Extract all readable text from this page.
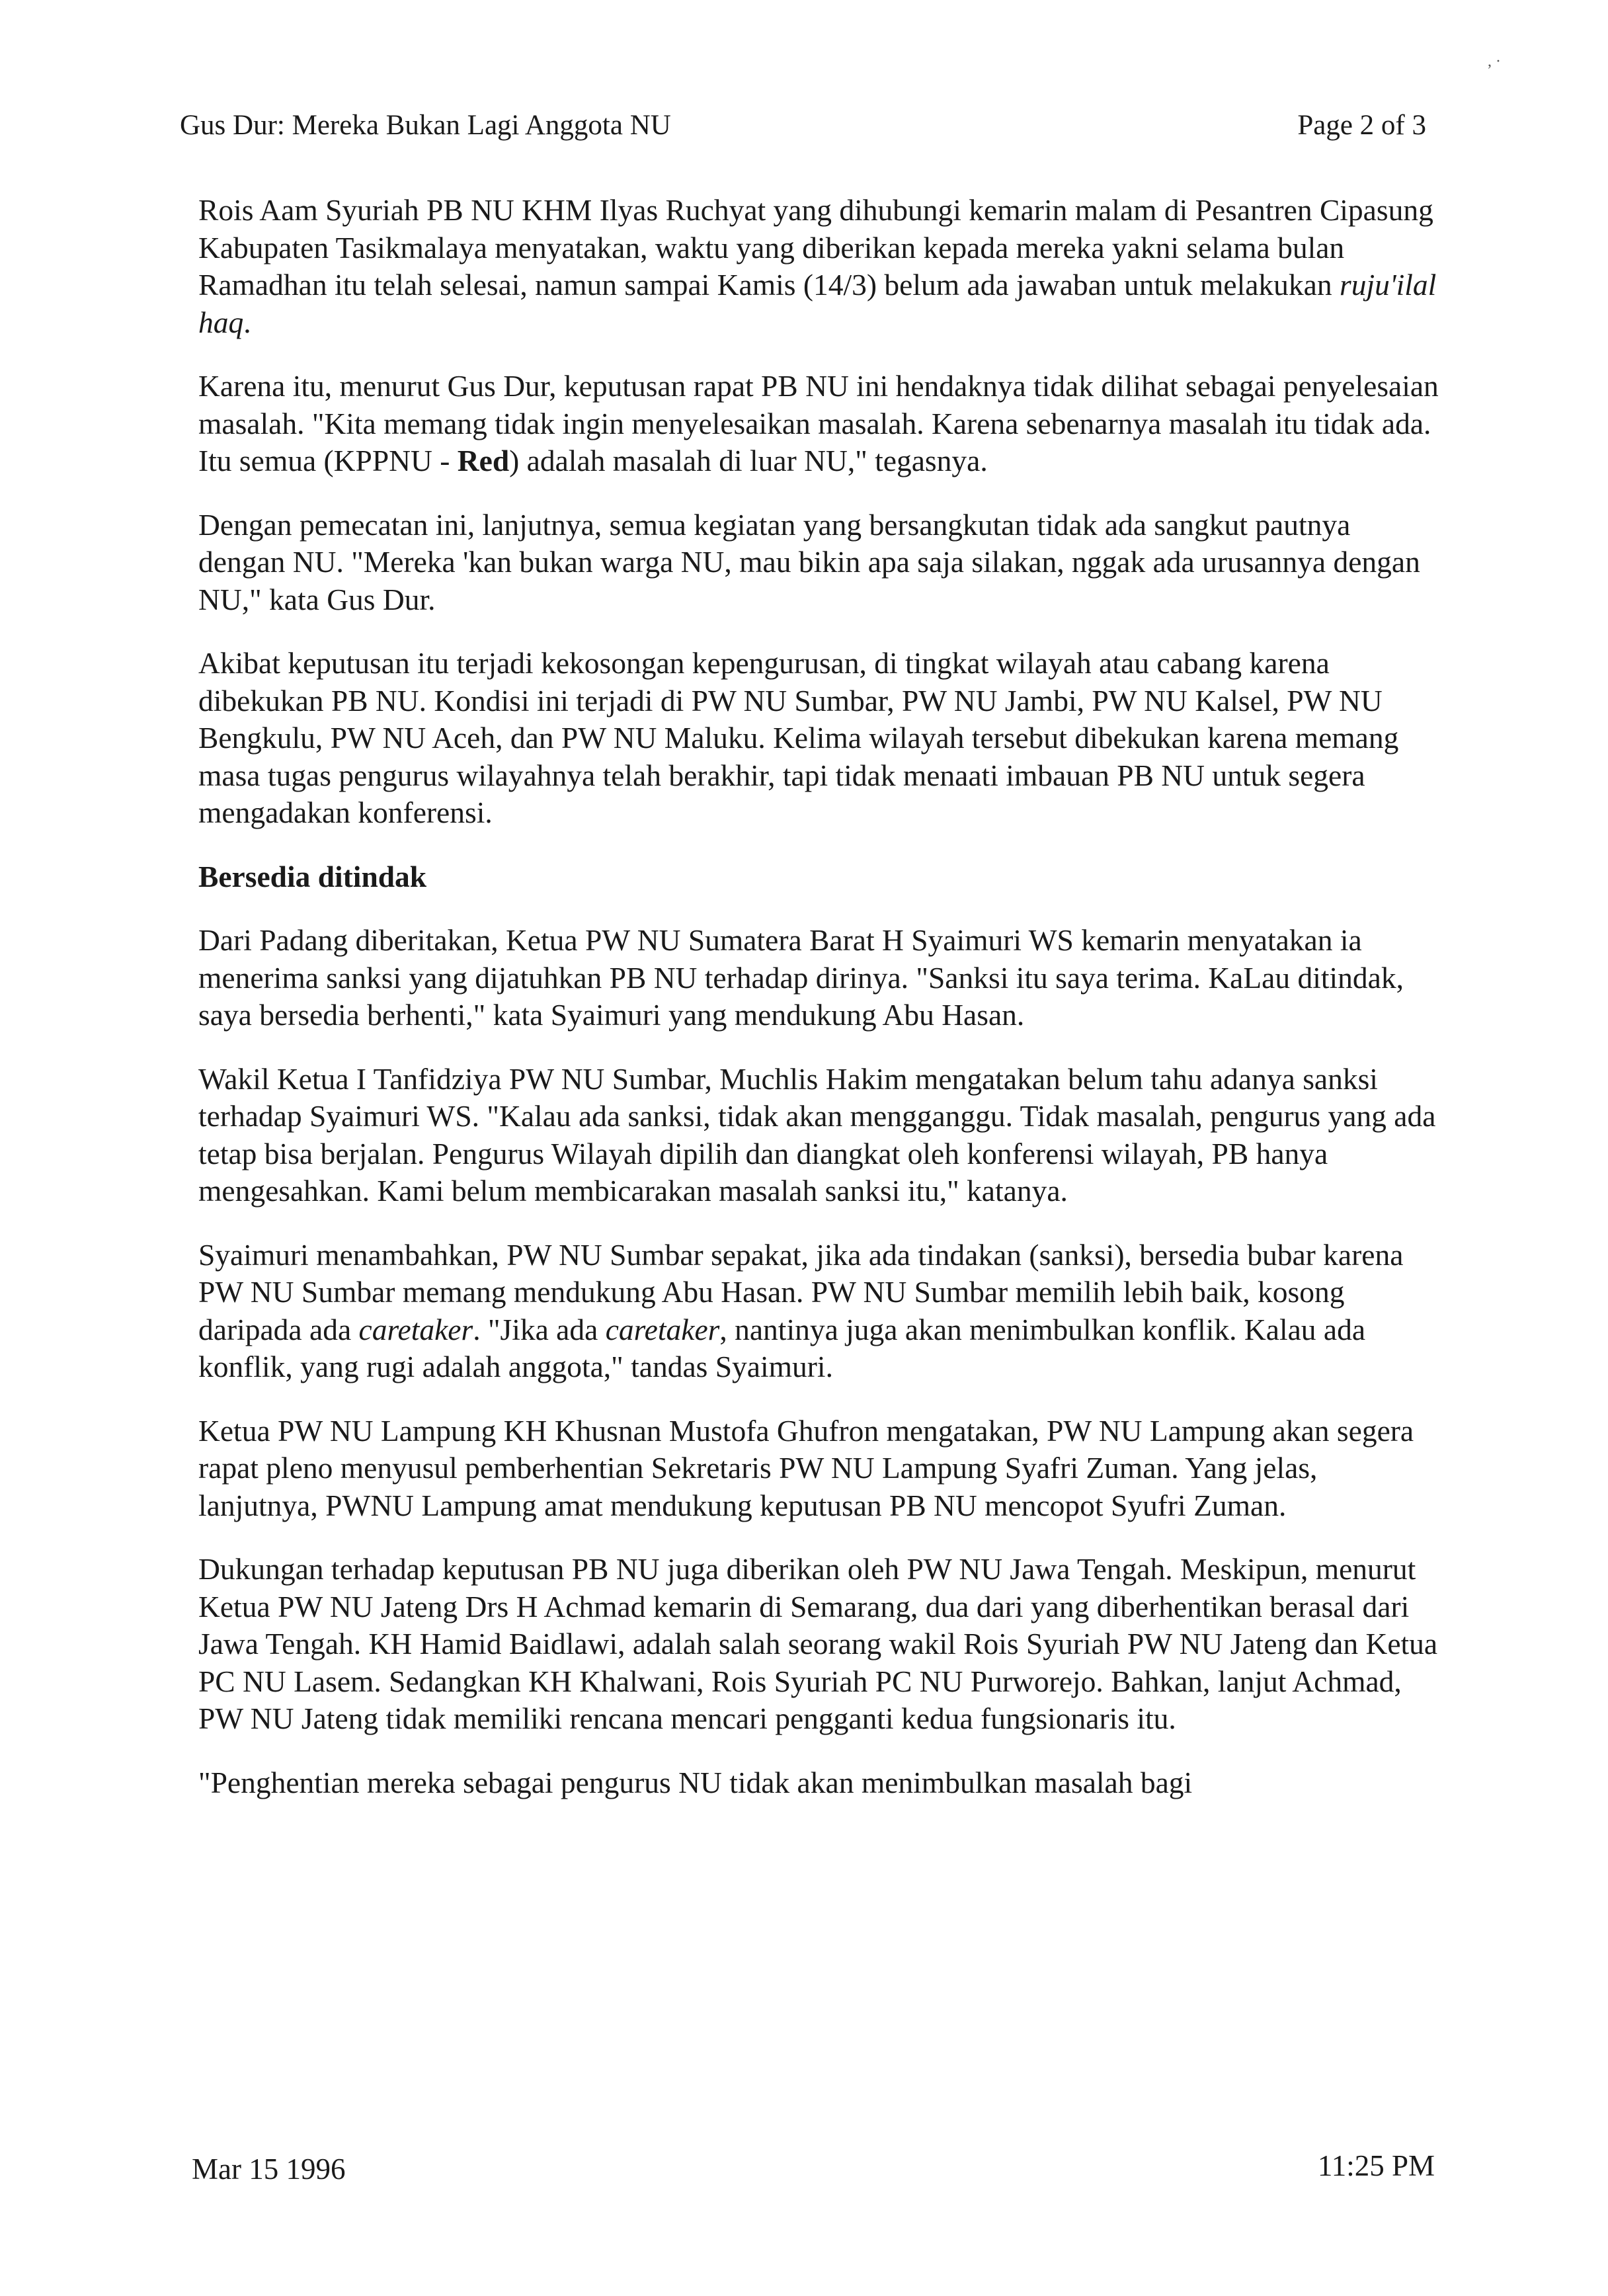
, ·
Gus Dur: Mereka Bukan Lagi Anggota NU	Page 2 of 3

Rois Aam Syuriah PB NU KHM Ilyas Ruchyat yang dihubungi kemarin malam di Pesantren Cipasung Kabupaten Tasikmalaya menyatakan, waktu yang diberikan kepada mereka yakni selama bulan Ramadhan itu telah selesai, namun sampai Kamis (14/3) belum ada jawaban untuk melakukan ruju'ilal haq.

Karena itu, menurut Gus Dur, keputusan rapat PB NU ini hendaknya tidak dilihat sebagai penyelesaian masalah. "Kita memang tidak ingin menyelesaikan masalah. Karena sebenarnya masalah itu tidak ada. Itu semua (KPPNU - Red) adalah masalah di luar NU," tegasnya.

Dengan pemecatan ini, lanjutnya, semua kegiatan yang bersangkutan tidak ada sangkut pautnya dengan NU. "Mereka 'kan bukan warga NU, mau bikin apa saja silakan, nggak ada urusannya dengan NU," kata Gus Dur.

Akibat keputusan itu terjadi kekosongan kepengurusan, di tingkat wilayah atau cabang karena dibekukan PB NU. Kondisi ini terjadi di PW NU Sumbar, PW NU Jambi, PW NU Kalsel, PW NU Bengkulu, PW NU Aceh, dan PW NU Maluku. Kelima wilayah tersebut dibekukan karena memang masa tugas pengurus wilayahnya telah berakhir, tapi tidak menaati imbauan PB NU untuk segera mengadakan konferensi.

Bersedia ditindak

Dari Padang diberitakan, Ketua PW NU Sumatera Barat H Syaimuri WS kemarin menyatakan ia menerima sanksi yang dijatuhkan PB NU terhadap dirinya. "Sanksi itu saya terima. KaLau ditindak, saya bersedia berhenti," kata Syaimuri yang mendukung Abu Hasan.

Wakil Ketua I Tanfidziya PW NU Sumbar, Muchlis Hakim mengatakan belum tahu adanya sanksi terhadap Syaimuri WS. "Kalau ada sanksi, tidak akan mengganggu. Tidak masalah, pengurus yang ada tetap bisa berjalan. Pengurus Wilayah dipilih dan diangkat oleh konferensi wilayah, PB hanya mengesahkan. Kami belum membicarakan masalah sanksi itu," katanya.

Syaimuri menambahkan, PW NU Sumbar sepakat, jika ada tindakan (sanksi), bersedia bubar karena PW NU Sumbar memang mendukung Abu Hasan. PW NU Sumbar memilih lebih baik, kosong daripada ada caretaker. "Jika ada caretaker, nantinya juga akan menimbulkan konflik. Kalau ada konflik, yang rugi adalah anggota," tandas Syaimuri.

Ketua PW NU Lampung KH Khusnan Mustofa Ghufron mengatakan, PW NU Lampung akan segera rapat pleno menyusul pemberhentian Sekretaris PW NU Lampung Syafri Zuman. Yang jelas, lanjutnya, PWNU Lampung amat mendukung keputusan PB NU mencopot Syufri Zuman.

Dukungan terhadap keputusan PB NU juga diberikan oleh PW NU Jawa Tengah. Meskipun, menurut Ketua PW NU Jateng Drs H Achmad kemarin di Semarang, dua dari yang diberhentikan berasal dari Jawa Tengah. KH Hamid Baidlawi, adalah salah seorang wakil Rois Syuriah PW NU Jateng dan Ketua PC NU Lasem. Sedangkan KH Khalwani, Rois Syuriah PC NU Purworejo. Bahkan, lanjut Achmad, PW NU Jateng tidak memiliki rencana mencari pengganti kedua fungsionaris itu.

"Penghentian mereka sebagai pengurus NU tidak akan menimbulkan masalah bagi

Mar 15 1996	11:25 PM
